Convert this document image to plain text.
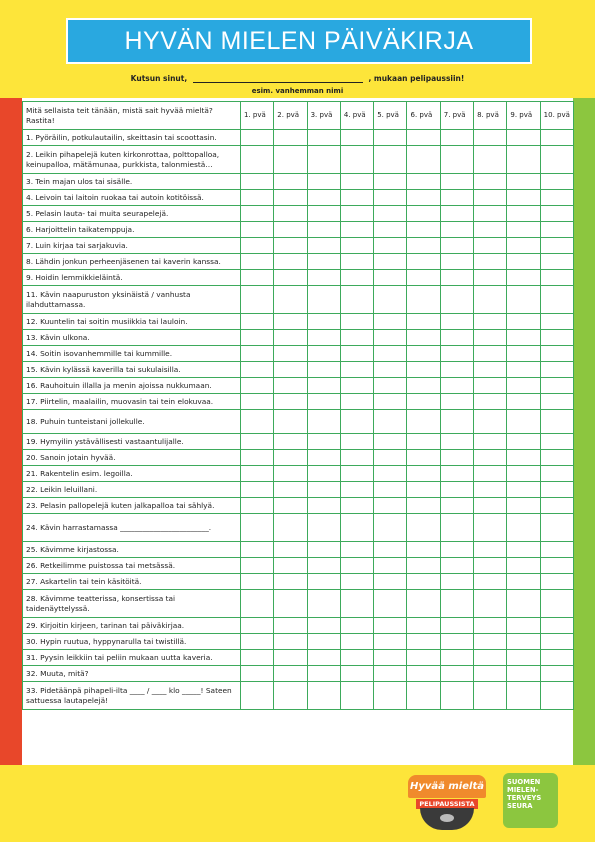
HYVÄN MIELEN PÄIVÄKIRJA
Kutsun sinut,	, mukaan pelipaussiin!
esim. vanhemman nimi
Mitä sellaista teit tänään, mistä sait hyvää mieltä? Rastita!	1. pvä	2. pvä	3. pvä	4. pvä	5. pvä	6. pvä	7. pvä	8. pvä	9. pvä	10. pvä
1. Pyöräilin, potkulautailin, skeittasin tai scoottasin.										
2. Leikin pihapelejä kuten kirkonrottaa, polttopalloa, keinupalloa, mätämunaa, purkkista, talonmiestä…										
3. Tein majan ulos tai sisälle.										
4. Leivoin tai laitoin ruokaa tai autoin kotitöissä.										
5. Pelasin lauta- tai muita seurapelejä.										
6. Harjoittelin taikatemppuja.										
7. Luin kirjaa tai sarjakuvia.										
8. Lähdin jonkun perheenjäsenen tai kaverin kanssa.										
9. Hoidin lemmikkieläintä.										
11. Kävin naapuruston yksinäistä / vanhusta ilahduttamassa.										
12. Kuuntelin tai soitin musiikkia tai lauloin.										
13. Kävin ulkona.										
14. Soitin isovanhemmille tai kummille.										
15. Kävin kylässä kaverilla tai sukulaisilla.										
16. Rauhoituin illalla ja menin ajoissa nukkumaan.										
17. Piirtelin, maalailin, muovasin tai tein elokuvaa.										
18. Puhuin tunteistani jollekulle.										
19. Hymyilin ystävällisesti vastaantulijalle.										
20. Sanoin jotain hyvää.										
21. Rakentelin esim. legoilla.										
22. Leikin leluillani.										
23. Pelasin pallopelejä kuten jalkapalloa tai sählyä.										
24. Kävin harrastamassa ________________________.										
25. Kävimme kirjastossa.										
26. Retkeilimme puistossa tai metsässä.										
27. Askartelin tai tein käsitöitä.										
28. Kävimme teatterissa, konsertissa tai taidenäyttelyssä.										
29. Kirjoitin kirjeen, tarinan tai päiväkirjaa.										
30. Hypin ruutua, hyppynarulla tai twistillä.										
31. Pyysin leikkiin tai peliin mukaan uutta kaveria.										
32. Muuta, mitä?										
33. Pidetäänpä pihapeli-ilta ____ / ____ klo _____! Sateen sattuessa lautapelejä!										
Hyvää mieltä
PELIPAUSSISTA
SUOMEN
MIELEN-
TERVEYS
SEURA
